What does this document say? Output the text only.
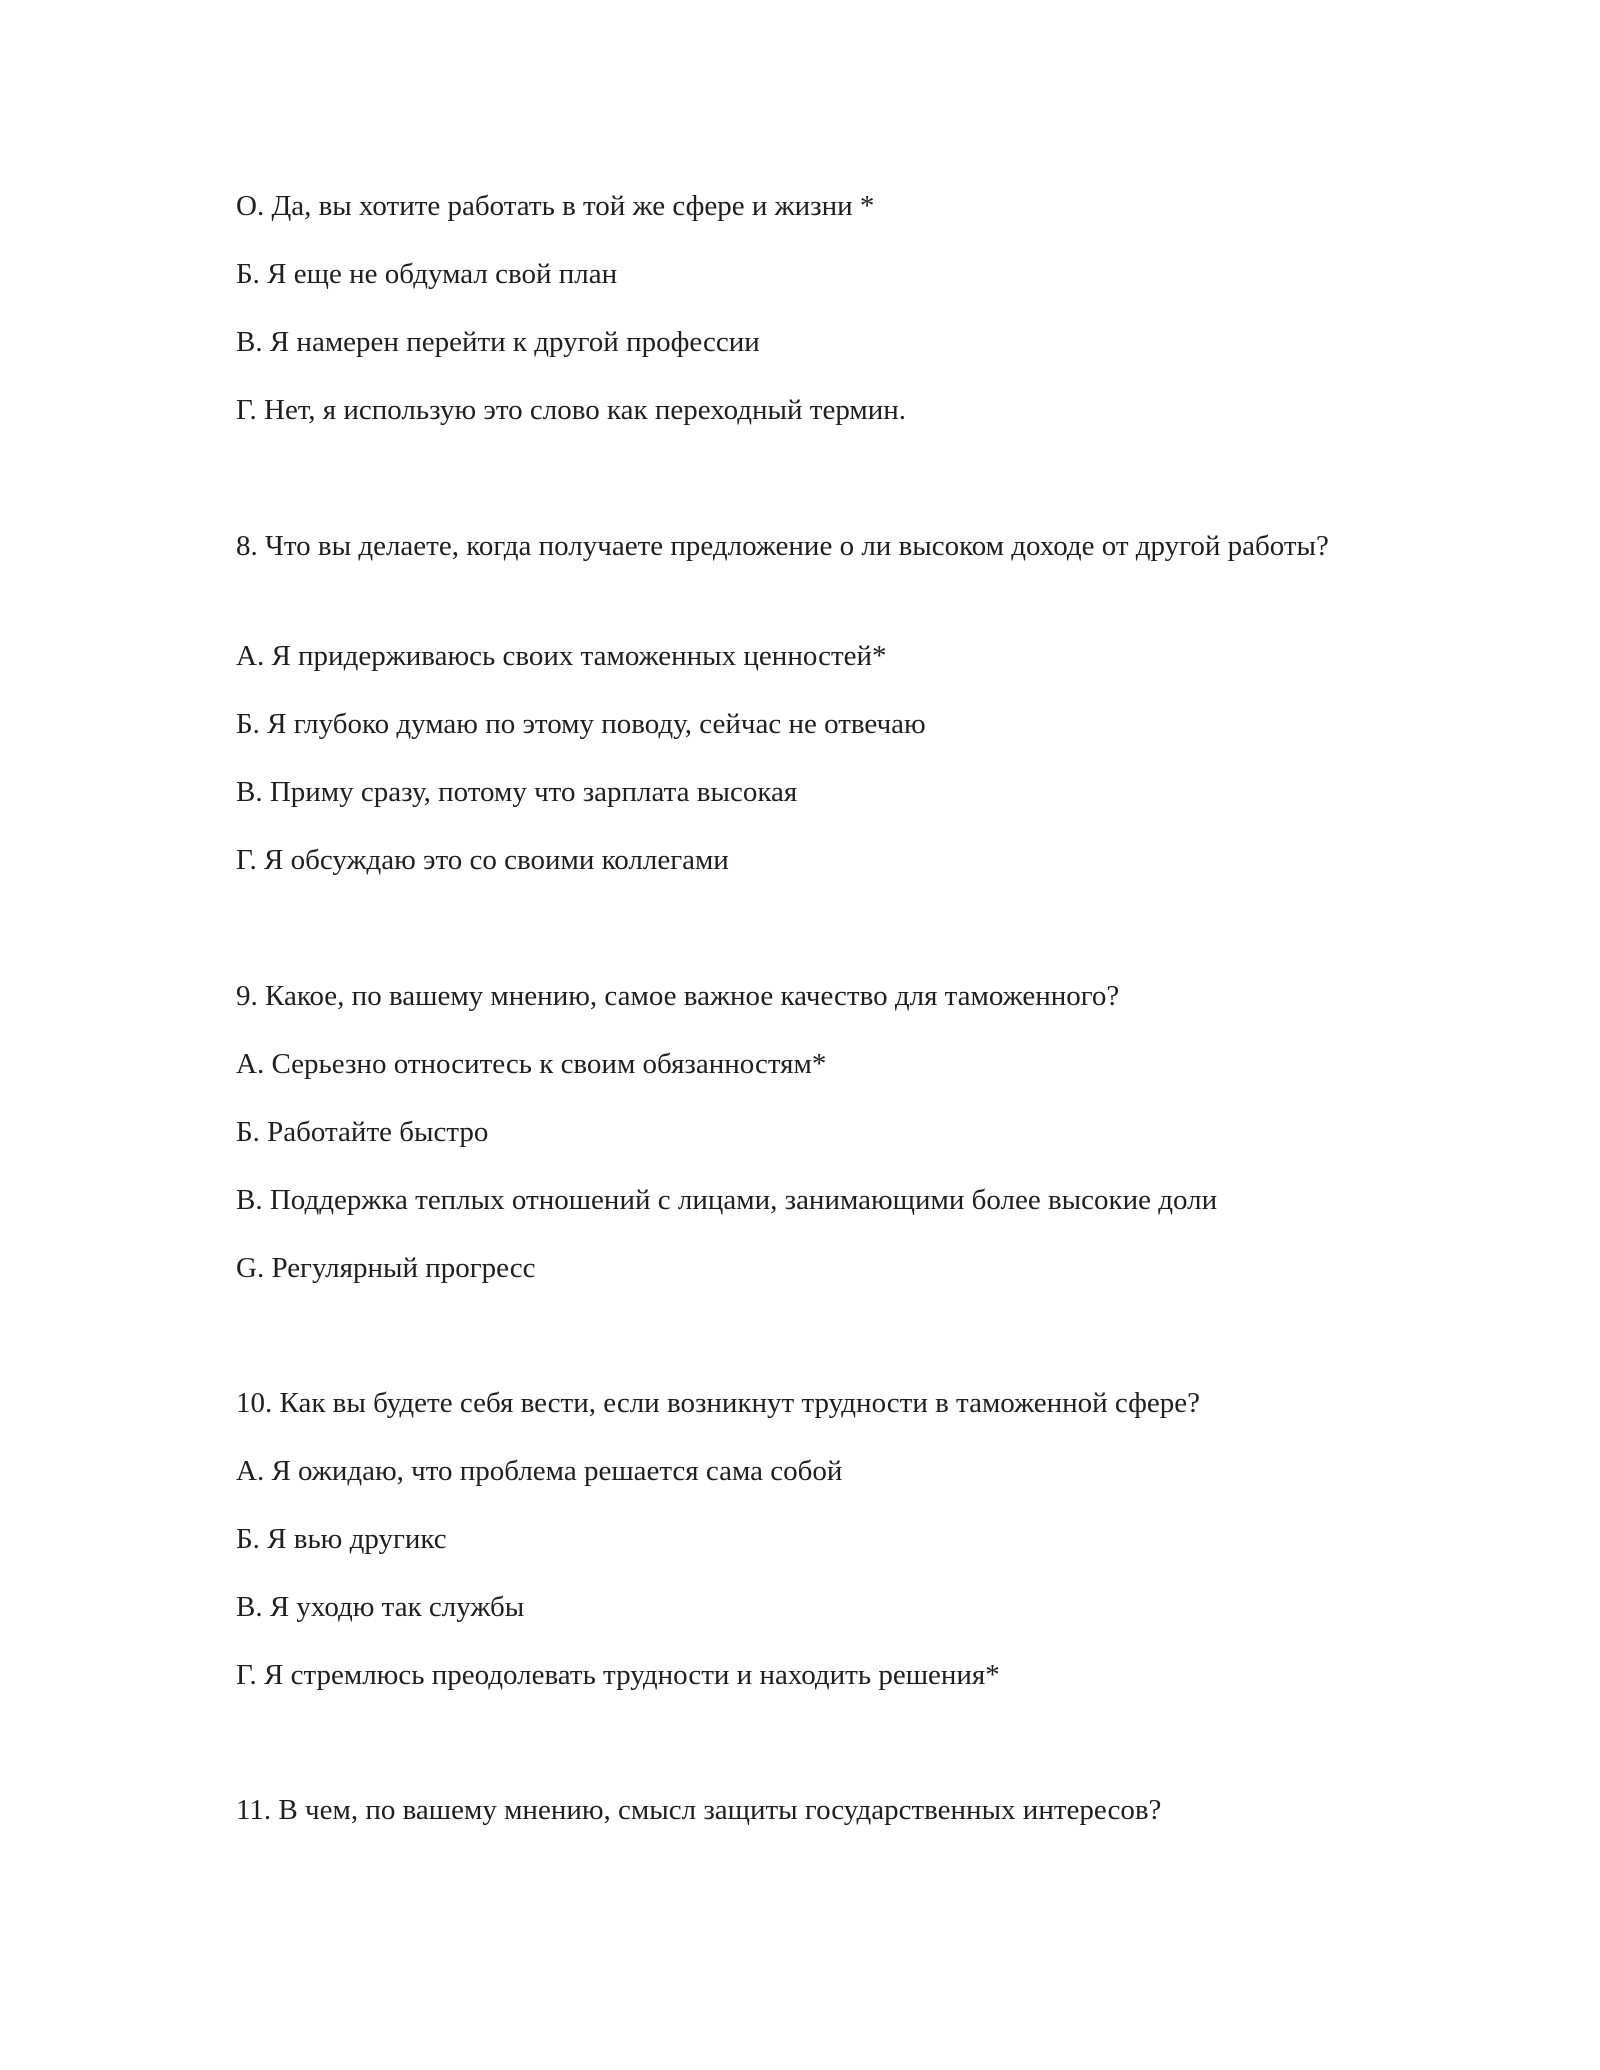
О. Да, вы хотите работать в той же сфере и жизни *
Б. Я еще не обдумал свой план
В. Я намерен перейти к другой профессии
Г. Нет, я использую это слово как переходный термин.
8. Что вы делаете, когда получаете предложение о ли высоком доходе от другой работы?
А. Я придерживаюсь своих таможенных ценностей*
Б. Я глубоко думаю по этому поводу, сейчас не отвечаю
В. Приму сразу, потому что зарплата высокая
Г. Я обсуждаю это со своими коллегами
9. Какое, по вашему мнению, самое важное качество для таможенного?
А. Серьезно относитесь к своим обязанностям*
Б. Работайте быстро
В. Поддержка теплых отношений с лицами, занимающими более высокие доли
G. Регулярный прогресс
10. Как вы будете себя вести, если возникнут трудности в таможенной сфере?
А. Я ожидаю, что проблема решается сама собой
Б. Я вью другикс
В. Я уходю так службы
Г. Я стремлюсь преодолевать трудности и находить решения*
11. В чем, по вашему мнению, смысл защиты государственных интересов?
